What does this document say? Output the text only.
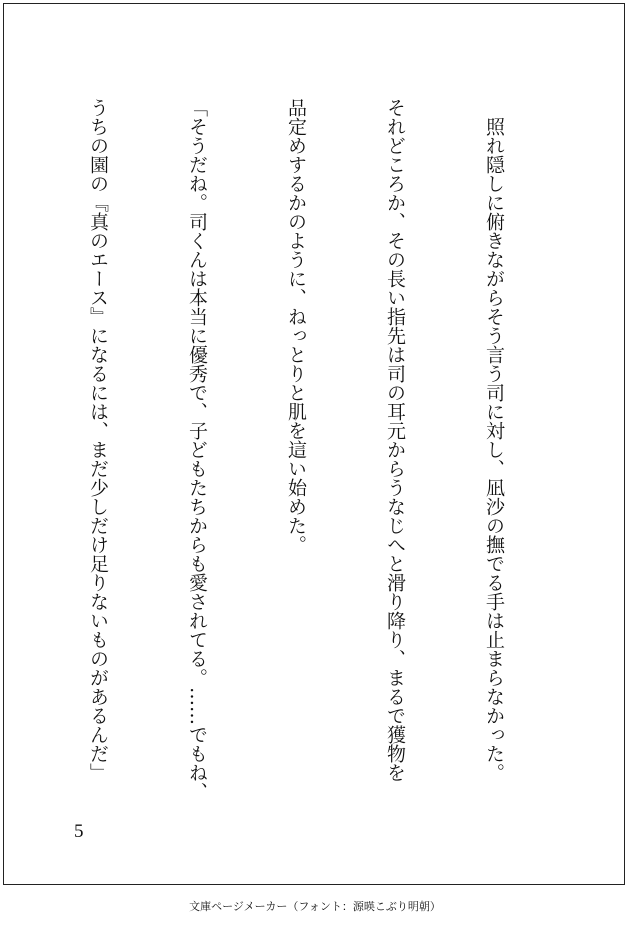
　照れ隠しに俯きながらそう言う司に対し、凪沙の撫でる手は止まらなかった。

それどころか、その長い指先は司の耳元からうなじへと滑り降り、まるで獲物を

品定めするかのように、ねっとりと肌を這い始めた。

「そうだね。司くんは本当に優秀で、子どもたちからも愛されてる。……でもね、

うちの園の『真のエース』になるには、まだ少しだけ足りないものがあるんだ」

5
文庫ページメーカー（フォント：源暎こぶり明朝）
